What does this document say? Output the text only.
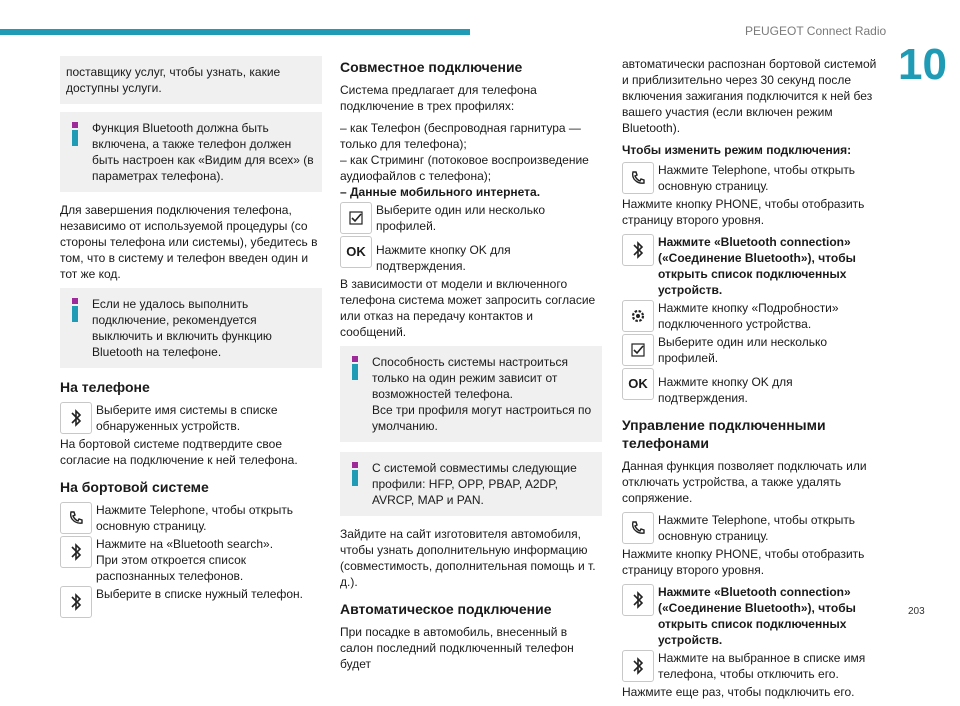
PEUGEOT Connect Radio
10
203
поставщику услуг, чтобы узнать, какие доступны услуги.
Функция Bluetooth должна быть включена, а также телефон должен быть настроен как «Видим для всех» (в параметрах телефона).

Для завершения подключения телефона, независимо от используемой процедуры (со стороны телефона или системы), убедитесь в том, что в систему и телефон введен один и тот же код.

Если не удалось выполнить подключение, рекомендуется выключить и включить функцию Bluetooth на телефоне.
На телефоне
Выберите имя системы в списке обнаруженных устройств.

На бортовой системе подтвердите свое согласие на подключение к ней телефона.

На бортовой системе
Нажмите Telephone, чтобы открыть основную страницу.
Нажмите на «Bluetooth search».
При этом откроется список распознанных телефонов.
Выберите в списке нужный телефон.
Совместное подключение

Система предлагает для телефона подключение в трех профилях:

– как Телефон (беспроводная гарнитура — только для телефона);

– как Стриминг (потоковое воспроизведение аудиофайлов с телефона);

– Данные мобильного интернета.

Выберите один или несколько профилей.
OK Нажмите кнопку OK для подтверждения.

В зависимости от модели и включенного телефона система может запросить согласие или отказ на передачу контактов и сообщений.

Способность системы настроиться только на один режим зависит от возможностей телефона.
Все три профиля могут настроиться по умолчанию.
С системой совместимы следующие профили: HFP, OPP, PBAP, A2DP, AVRCP, MAP и PAN.

Зайдите на сайт изготовителя автомобиля, чтобы узнать дополнительную информацию (совместимость, дополнительная помощь и т. д.).

Автоматическое подключение

При посадке в автомобиль, внесенный в салон последний подключенный телефон будет

автоматически распознан бортовой системой и приблизительно через 30 секунд после включения зажигания подключится к ней без вашего участия (если включен режим Bluetooth).

Чтобы изменить режим подключения:
Нажмите Telephone, чтобы открыть основную страницу.

Нажмите кнопку PHONE, чтобы отобразить страницу второго уровня.

Нажмите «Bluetooth connection» («Соединение Bluetooth»), чтобы открыть список подключенных устройств.
Нажмите кнопку «Подробности» подключенного устройства.
Выберите один или несколько профилей.
OK Нажмите кнопку OK для подтверждения.
Управление подключенными телефонами

Данная функция позволяет подключать или отключать устройства, а также удалять сопряжение.

Нажмите Telephone, чтобы открыть основную страницу.

Нажмите кнопку PHONE, чтобы отобразить страницу второго уровня.

Нажмите «Bluetooth connection» («Соединение Bluetooth»), чтобы открыть список подключенных устройств.
Нажмите на выбранное в списке имя телефона, чтобы отключить его.

Нажмите еще раз, чтобы подключить его.
